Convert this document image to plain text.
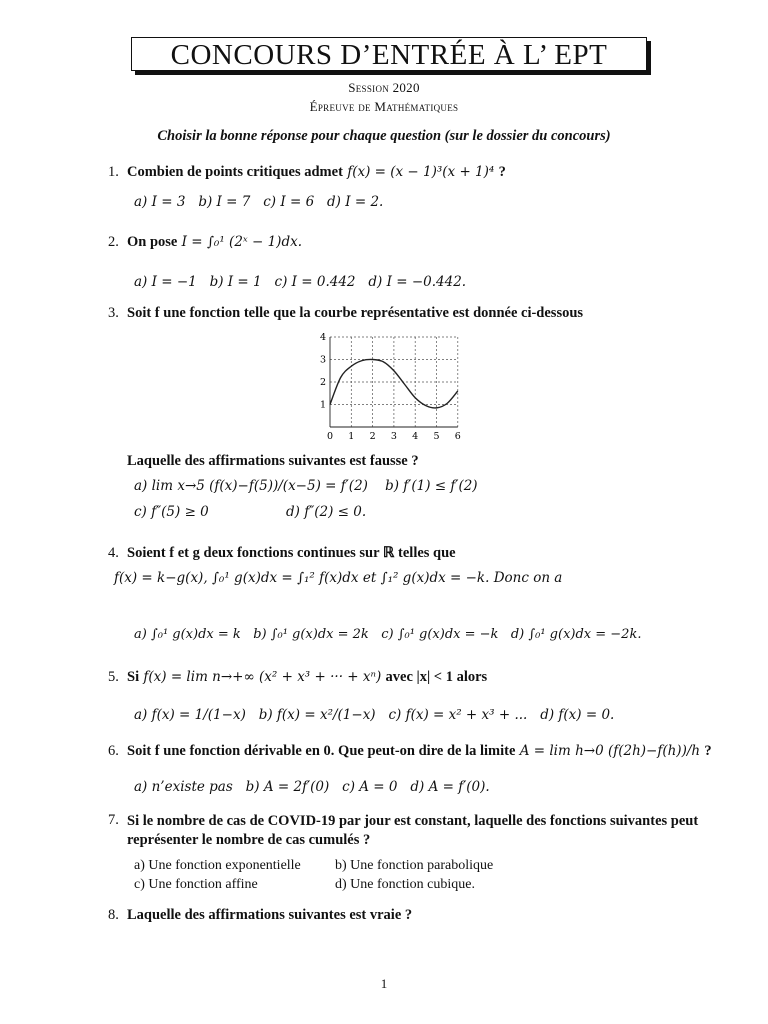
CONCOURS D’ENTRÉE À L’ EPT
Session 2020
Épreuve de Mathématiques
Choisir la bonne réponse pour chaque question (sur le dossier du concours)
1. Combien de points critiques admet f(x) = (x − 1)³(x + 1)⁴ ?
a) I = 3 b) I = 7 c) I = 6 d) I = 2.
2. On pose I = ∫₀¹ (2ˣ − 1)dx.
a) I = −1 b) I = 1 c) I = 0.442 d) I = −0.442.
3. Soit f une fonction telle que la courbe représentative est donnée ci-dessous
0 1 2 3 4 5 6
1
2
3
4
Laquelle des affirmations suivantes est fausse ?
a) lim x→5 (f(x)−f(5))/(x−5) = f′(2) b) f′(1) ≤ f′(2)
c) f″(5) ≥ 0	d) f″(2) ≤ 0.
4. Soient f et g deux fonctions continues sur ℝ telles que
f(x) = k−g(x), ∫₀¹ g(x)dx = ∫₁² f(x)dx et ∫₁² g(x)dx = −k. Donc on a
a) ∫₀¹ g(x)dx = k b) ∫₀¹ g(x)dx = 2k c) ∫₀¹ g(x)dx = −k d) ∫₀¹ g(x)dx = −2k.
5. Si f(x) = lim n→+∞ (x² + x³ + ··· + xⁿ) avec |x| < 1 alors
a) f(x) = 1/(1−x) b) f(x) = x²/(1−x) c) f(x) = x² + x³ + ... d) f(x) = 0.
6. Soit f une fonction dérivable en 0. Que peut-on dire de la limite A = lim h→0 (f(2h)−f(h))/h ?
a) n’existe pas b) A = 2f′(0) c) A = 0 d) A = f′(0).
7. Si le nombre de cas de COVID-19 par jour est constant, laquelle des fonctions suivantes peut représenter le nombre de cas cumulés ?
a) Une fonction exponentielle b) Une fonction parabolique
c) Une fonction affine	d) Une fonction cubique.
8. Laquelle des affirmations suivantes est vraie ?
1
